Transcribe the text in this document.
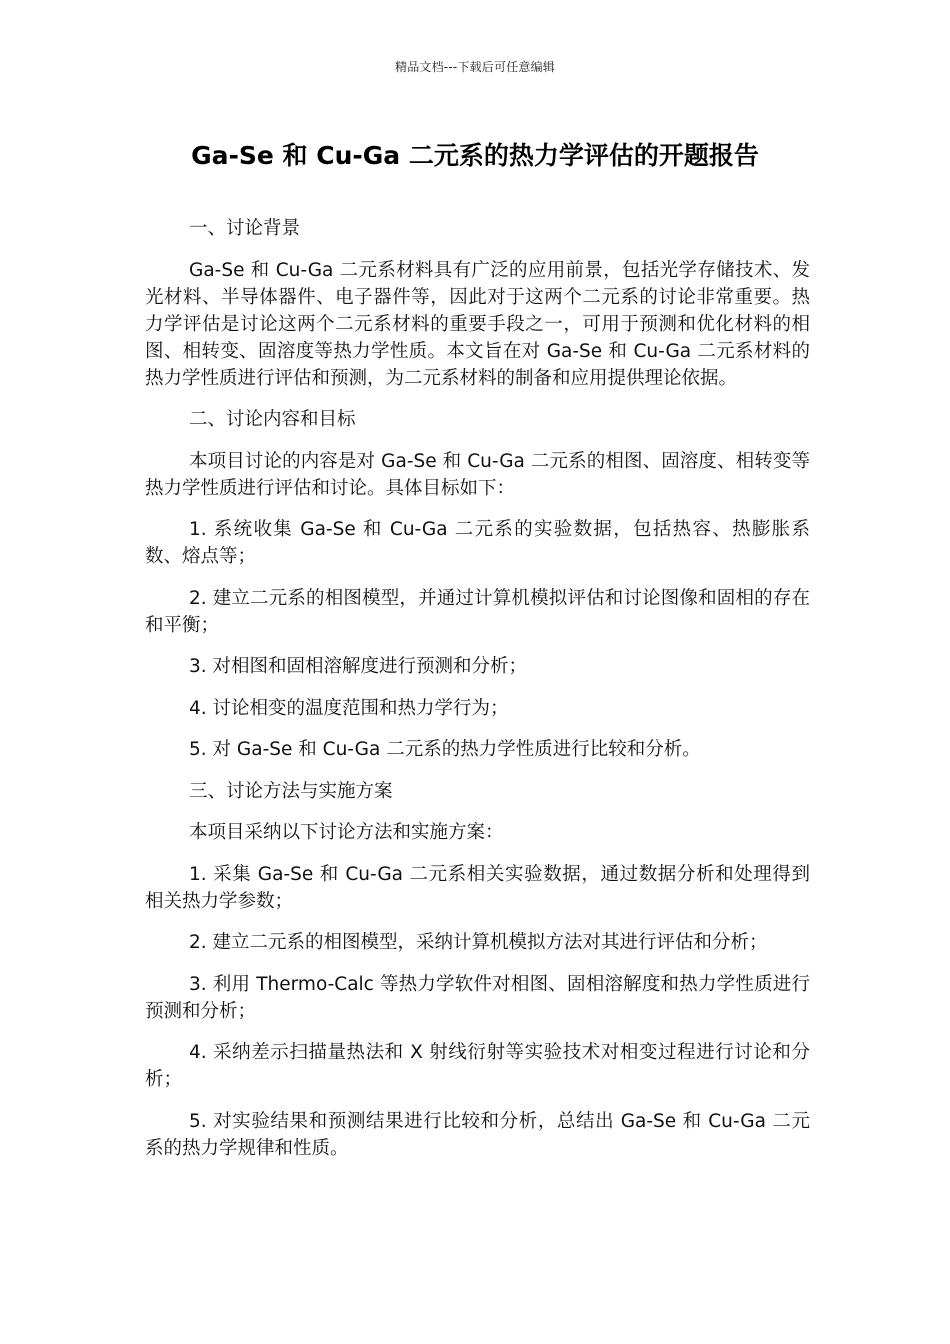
精品文档---下载后可任意编辑
Ga-Se 和 Cu-Ga 二元系的热力学评估的开题报告

一、讨论背景

Ga-Se 和 Cu-Ga 二元系材料具有广泛的应用前景，包括光学存储技术、发光材料、半导体器件、电子器件等，因此对于这两个二元系的讨论非常重要。热力学评估是讨论这两个二元系材料的重要手段之一，可用于预测和优化材料的相图、相转变、固溶度等热力学性质。本文旨在对 Ga-Se 和 Cu-Ga 二元系材料的热力学性质进行评估和预测，为二元系材料的制备和应用提供理论依据。

二、讨论内容和目标

本项目讨论的内容是对 Ga-Se 和 Cu-Ga 二元系的相图、固溶度、相转变等热力学性质进行评估和讨论。具体目标如下：

1. 系统收集 Ga-Se 和 Cu-Ga 二元系的实验数据，包括热容、热膨胀系数、熔点等；

2. 建立二元系的相图模型，并通过计算机模拟评估和讨论图像和固相的存在和平衡；

3. 对相图和固相溶解度进行预测和分析；

4. 讨论相变的温度范围和热力学行为；

5. 对 Ga-Se 和 Cu-Ga 二元系的热力学性质进行比较和分析。

三、讨论方法与实施方案

本项目采纳以下讨论方法和实施方案：

1. 采集 Ga-Se 和 Cu-Ga 二元系相关实验数据，通过数据分析和处理得到相关热力学参数；

2. 建立二元系的相图模型，采纳计算机模拟方法对其进行评估和分析；

3. 利用 Thermo-Calc 等热力学软件对相图、固相溶解度和热力学性质进行预测和分析；

4. 采纳差示扫描量热法和 X 射线衍射等实验技术对相变过程进行讨论和分析；

5. 对实验结果和预测结果进行比较和分析，总结出 Ga-Se 和 Cu-Ga 二元系的热力学规律和性质。
